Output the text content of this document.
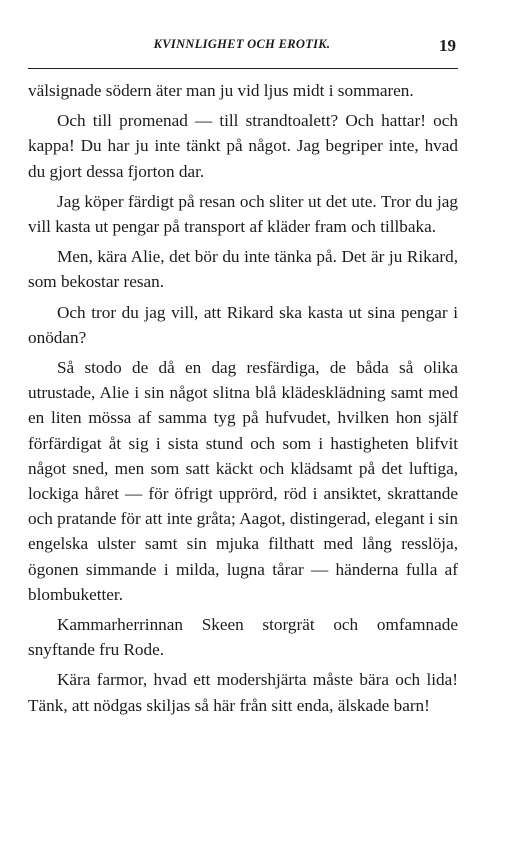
KVINNLIGHET OCH EROTIK.	19

välsignade södern äter man ju vid ljus midt i sommaren.

Och till promenad — till strandtoalett? Och hattar! och kappa! Du har ju inte tänkt på något. Jag begriper inte, hvad du gjort dessa fjorton dar.

Jag köper färdigt på resan och sliter ut det ute. Tror du jag vill kasta ut pengar på transport af kläder fram och tillbaka.

Men, kära Alie, det bör du inte tänka på. Det är ju Rikard, som bekostar resan.

Och tror du jag vill, att Rikard ska kasta ut sina pengar i onödan?

Så stodo de då en dag resfärdiga, de båda så olika utrustade, Alie i sin något slitna blå klädesklädning samt med en liten mössa af samma tyg på hufvudet, hvilken hon själf förfärdigat åt sig i sista stund och som i hastigheten blifvit något sned, men som satt käckt och klädsamt på det luftiga, lockiga håret — för öfrigt upprörd, röd i ansiktet, skrattande och pratande för att inte gråta; Aagot, distingerad, elegant i sin engelska ulster samt sin mjuka filthatt med lång resslöja, ögonen simmande i milda, lugna tårar — händerna fulla af blombuketter.

Kammarherrinnan Skeen storgrät och omfamnade snyftande fru Rode.

Kära farmor, hvad ett modershjärta måste bära och lida! Tänk, att nödgas skiljas så här från sitt enda, älskade barn!
